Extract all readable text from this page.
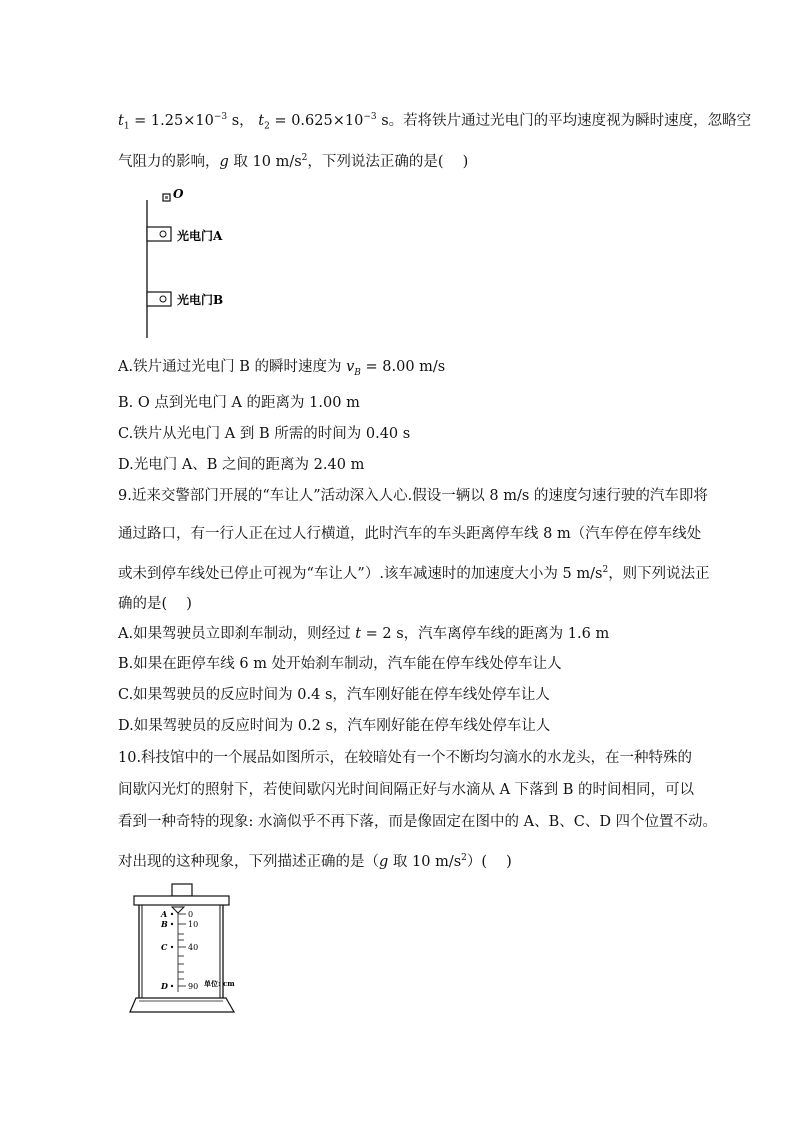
$t_1 = 1.25\times 10^{-3}$ s， $t_2 = 0.625\times 10^{-3}$ s。若将铁片通过光电门的平均速度视为瞬时速度，忽略空
气阻力的影响，g 取 10 $m/s^2$，下列说法正确的是(　 )
O
光电门A
光电门B
A.铁片通过光电门 B 的瞬时速度为 $v_B = 8.00$ m/s
B. O 点到光电门 A 的距离为 1.00 m
C.铁片从光电门 A 到 B 所需的时间为 0.40 s
D.光电门 A、B 之间的距离为 2.40 m
9.近来交警部门开展的“车让人”活动深入人心.假设一辆以 8 m/s 的速度匀速行驶的汽车即将
通过路口，有一行人正在过人行横道，此时汽车的车头距离停车线 8 m（汽车停在停车线处
或未到停车线处已停止可视为“车让人”）.该车减速时的加速度大小为 5 $m/s^2$，则下列说法正
确的是(　 )
A.如果驾驶员立即刹车制动，则经过 t = 2 s，汽车离停车线的距离为 1.6 m
B.如果在距停车线 6 m 处开始刹车制动，汽车能在停车线处停车让人
C.如果驾驶员的反应时间为 0.4 s，汽车刚好能在停车线处停车让人
D.如果驾驶员的反应时间为 0.2 s，汽车刚好能在停车线处停车让人
10.科技馆中的一个展品如图所示，在较暗处有一个不断均匀滴水的水龙头，在一种特殊的
间歇闪光灯的照射下，若使间歇闪光时间间隔正好与水滴从 A 下落到 B 的时间相同，可以
看到一种奇特的现象: 水滴似乎不再下落，而是像固定在图中的 A、B、C、D 四个位置不动。
对出现的这种现象，下列描述正确的是（g 取 10 $m/s^2$）(　 )
A
B
C
D
0
10
40
90 单位: cm
